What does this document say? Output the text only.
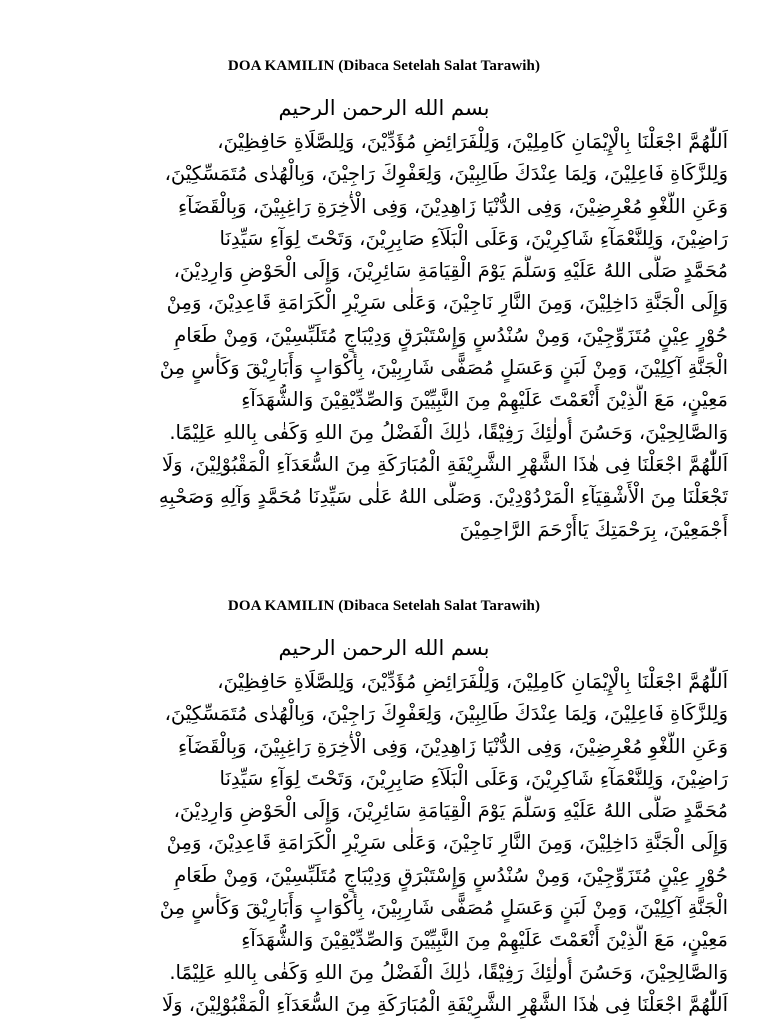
DOA KAMILIN (Dibaca Setelah Salat Tarawih)
بسم الله الرحمن الرحيم
اَللّٰهُمَّ اجْعَلْنَا بِالْإِيْمَانِ كَامِلِيْنَ، وَلِلْفَرَائِضِ مُؤَدِّيْنَ، وَلِلصَّلَاةِ حَافِظِيْنَ،
وَلِلزَّكَاةِ فَاعِلِيْنَ، وَلِمَا عِنْدَكَ طَالِبِيْنَ، وَلِعَفْوِكَ رَاجِيْنَ، وَبِالْهُدٰى مُتَمَسِّكِيْنَ،
وَعَنِ اللَّغْوِ مُعْرِضِيْنَ، وَفِى الدُّنْيَا زَاهِدِيْنَ، وَفِى الْأٰخِرَةِ رَاغِبِيْنَ، وَبِالْقَضَآءِ
رَاضِيْنَ، وَلِلنَّعْمَآءِ شَاكِرِيْنَ، وَعَلَى الْبَلَآءِ صَابِرِيْنَ، وَتَحْتَ لِوَآءِ سَيِّدِنَا
مُحَمَّدٍ صَلَّى اللهُ عَلَيْهِ وَسَلَّمَ يَوْمَ الْقِيَامَةِ سَائِرِيْنَ، وَإِلَى الْحَوْضِ وَارِدِيْنَ،
وَإِلَى الْجَنَّةِ دَاخِلِيْنَ، وَمِنَ النَّارِ نَاجِيْنَ، وَعَلٰى سَرِيْرِ الْكَرَامَةِ قَاعِدِيْنَ، وَمِنْ
حُوْرٍ عِيْنٍ مُتَزَوِّجِيْنَ، وَمِنْ سُنْدُسٍ وَإِسْتَبْرَقٍ وَدِيْبَاجٍ مُتَلَبِّسِيْنَ، وَمِنْ طَعَامِ
الْجَنَّةِ آكِلِيْنَ، وَمِنْ لَبَنٍ وَعَسَلٍ مُصَفًّى شَارِبِيْنَ، بِأَكْوَابٍ وَأَبَارِيْقَ وَكَأْسٍ مِنْ
مَعِيْنٍ، مَعَ الَّذِيْنَ أَنْعَمْتَ عَلَيْهِمْ مِنَ النَّبِيِّيْنَ وَالصِّدِّيْقِيْنَ وَالشُّهَدَآءِ
وَالصَّالِحِيْنَ، وَحَسُنَ أُولٰئِكَ رَفِيْقًا، ذٰلِكَ الْفَضْلُ مِنَ اللهِ وَكَفٰى بِاللهِ عَلِيْمًا.
اَللّٰهُمَّ اجْعَلْنَا فِى هٰذَا الشَّهْرِ الشَّرِيْفَةِ الْمُبَارَكَةِ مِنَ السُّعَدَآءِ الْمَقْبُوْلِيْنَ، وَلَا
تَجْعَلْنَا مِنَ الْأَشْقِيَآءِ الْمَرْدُوْدِيْنَ. وَصَلَّى اللهُ عَلٰى سَيِّدِنَا مُحَمَّدٍ وَآلِهِ وَصَحْبِهِ
أَجْمَعِيْنَ، بِرَحْمَتِكَ يَاأَرْحَمَ الرَّاحِمِيْنَ
DOA KAMILIN (Dibaca Setelah Salat Tarawih)
بسم الله الرحمن الرحيم
اَللّٰهُمَّ اجْعَلْنَا بِالْإِيْمَانِ كَامِلِيْنَ، وَلِلْفَرَائِضِ مُؤَدِّيْنَ، وَلِلصَّلَاةِ حَافِظِيْنَ،
وَلِلزَّكَاةِ فَاعِلِيْنَ، وَلِمَا عِنْدَكَ طَالِبِيْنَ، وَلِعَفْوِكَ رَاجِيْنَ، وَبِالْهُدٰى مُتَمَسِّكِيْنَ،
وَعَنِ اللَّغْوِ مُعْرِضِيْنَ، وَفِى الدُّنْيَا زَاهِدِيْنَ، وَفِى الْأٰخِرَةِ رَاغِبِيْنَ، وَبِالْقَضَآءِ
رَاضِيْنَ، وَلِلنَّعْمَآءِ شَاكِرِيْنَ، وَعَلَى الْبَلَآءِ صَابِرِيْنَ، وَتَحْتَ لِوَآءِ سَيِّدِنَا
مُحَمَّدٍ صَلَّى اللهُ عَلَيْهِ وَسَلَّمَ يَوْمَ الْقِيَامَةِ سَائِرِيْنَ، وَإِلَى الْحَوْضِ وَارِدِيْنَ،
وَإِلَى الْجَنَّةِ دَاخِلِيْنَ، وَمِنَ النَّارِ نَاجِيْنَ، وَعَلٰى سَرِيْرِ الْكَرَامَةِ قَاعِدِيْنَ، وَمِنْ
حُوْرٍ عِيْنٍ مُتَزَوِّجِيْنَ، وَمِنْ سُنْدُسٍ وَإِسْتَبْرَقٍ وَدِيْبَاجٍ مُتَلَبِّسِيْنَ، وَمِنْ طَعَامِ
الْجَنَّةِ آكِلِيْنَ، وَمِنْ لَبَنٍ وَعَسَلٍ مُصَفًّى شَارِبِيْنَ، بِأَكْوَابٍ وَأَبَارِيْقَ وَكَأْسٍ مِنْ
مَعِيْنٍ، مَعَ الَّذِيْنَ أَنْعَمْتَ عَلَيْهِمْ مِنَ النَّبِيِّيْنَ وَالصِّدِّيْقِيْنَ وَالشُّهَدَآءِ
وَالصَّالِحِيْنَ، وَحَسُنَ أُولٰئِكَ رَفِيْقًا، ذٰلِكَ الْفَضْلُ مِنَ اللهِ وَكَفٰى بِاللهِ عَلِيْمًا.
اَللّٰهُمَّ اجْعَلْنَا فِى هٰذَا الشَّهْرِ الشَّرِيْفَةِ الْمُبَارَكَةِ مِنَ السُّعَدَآءِ الْمَقْبُوْلِيْنَ، وَلَا
